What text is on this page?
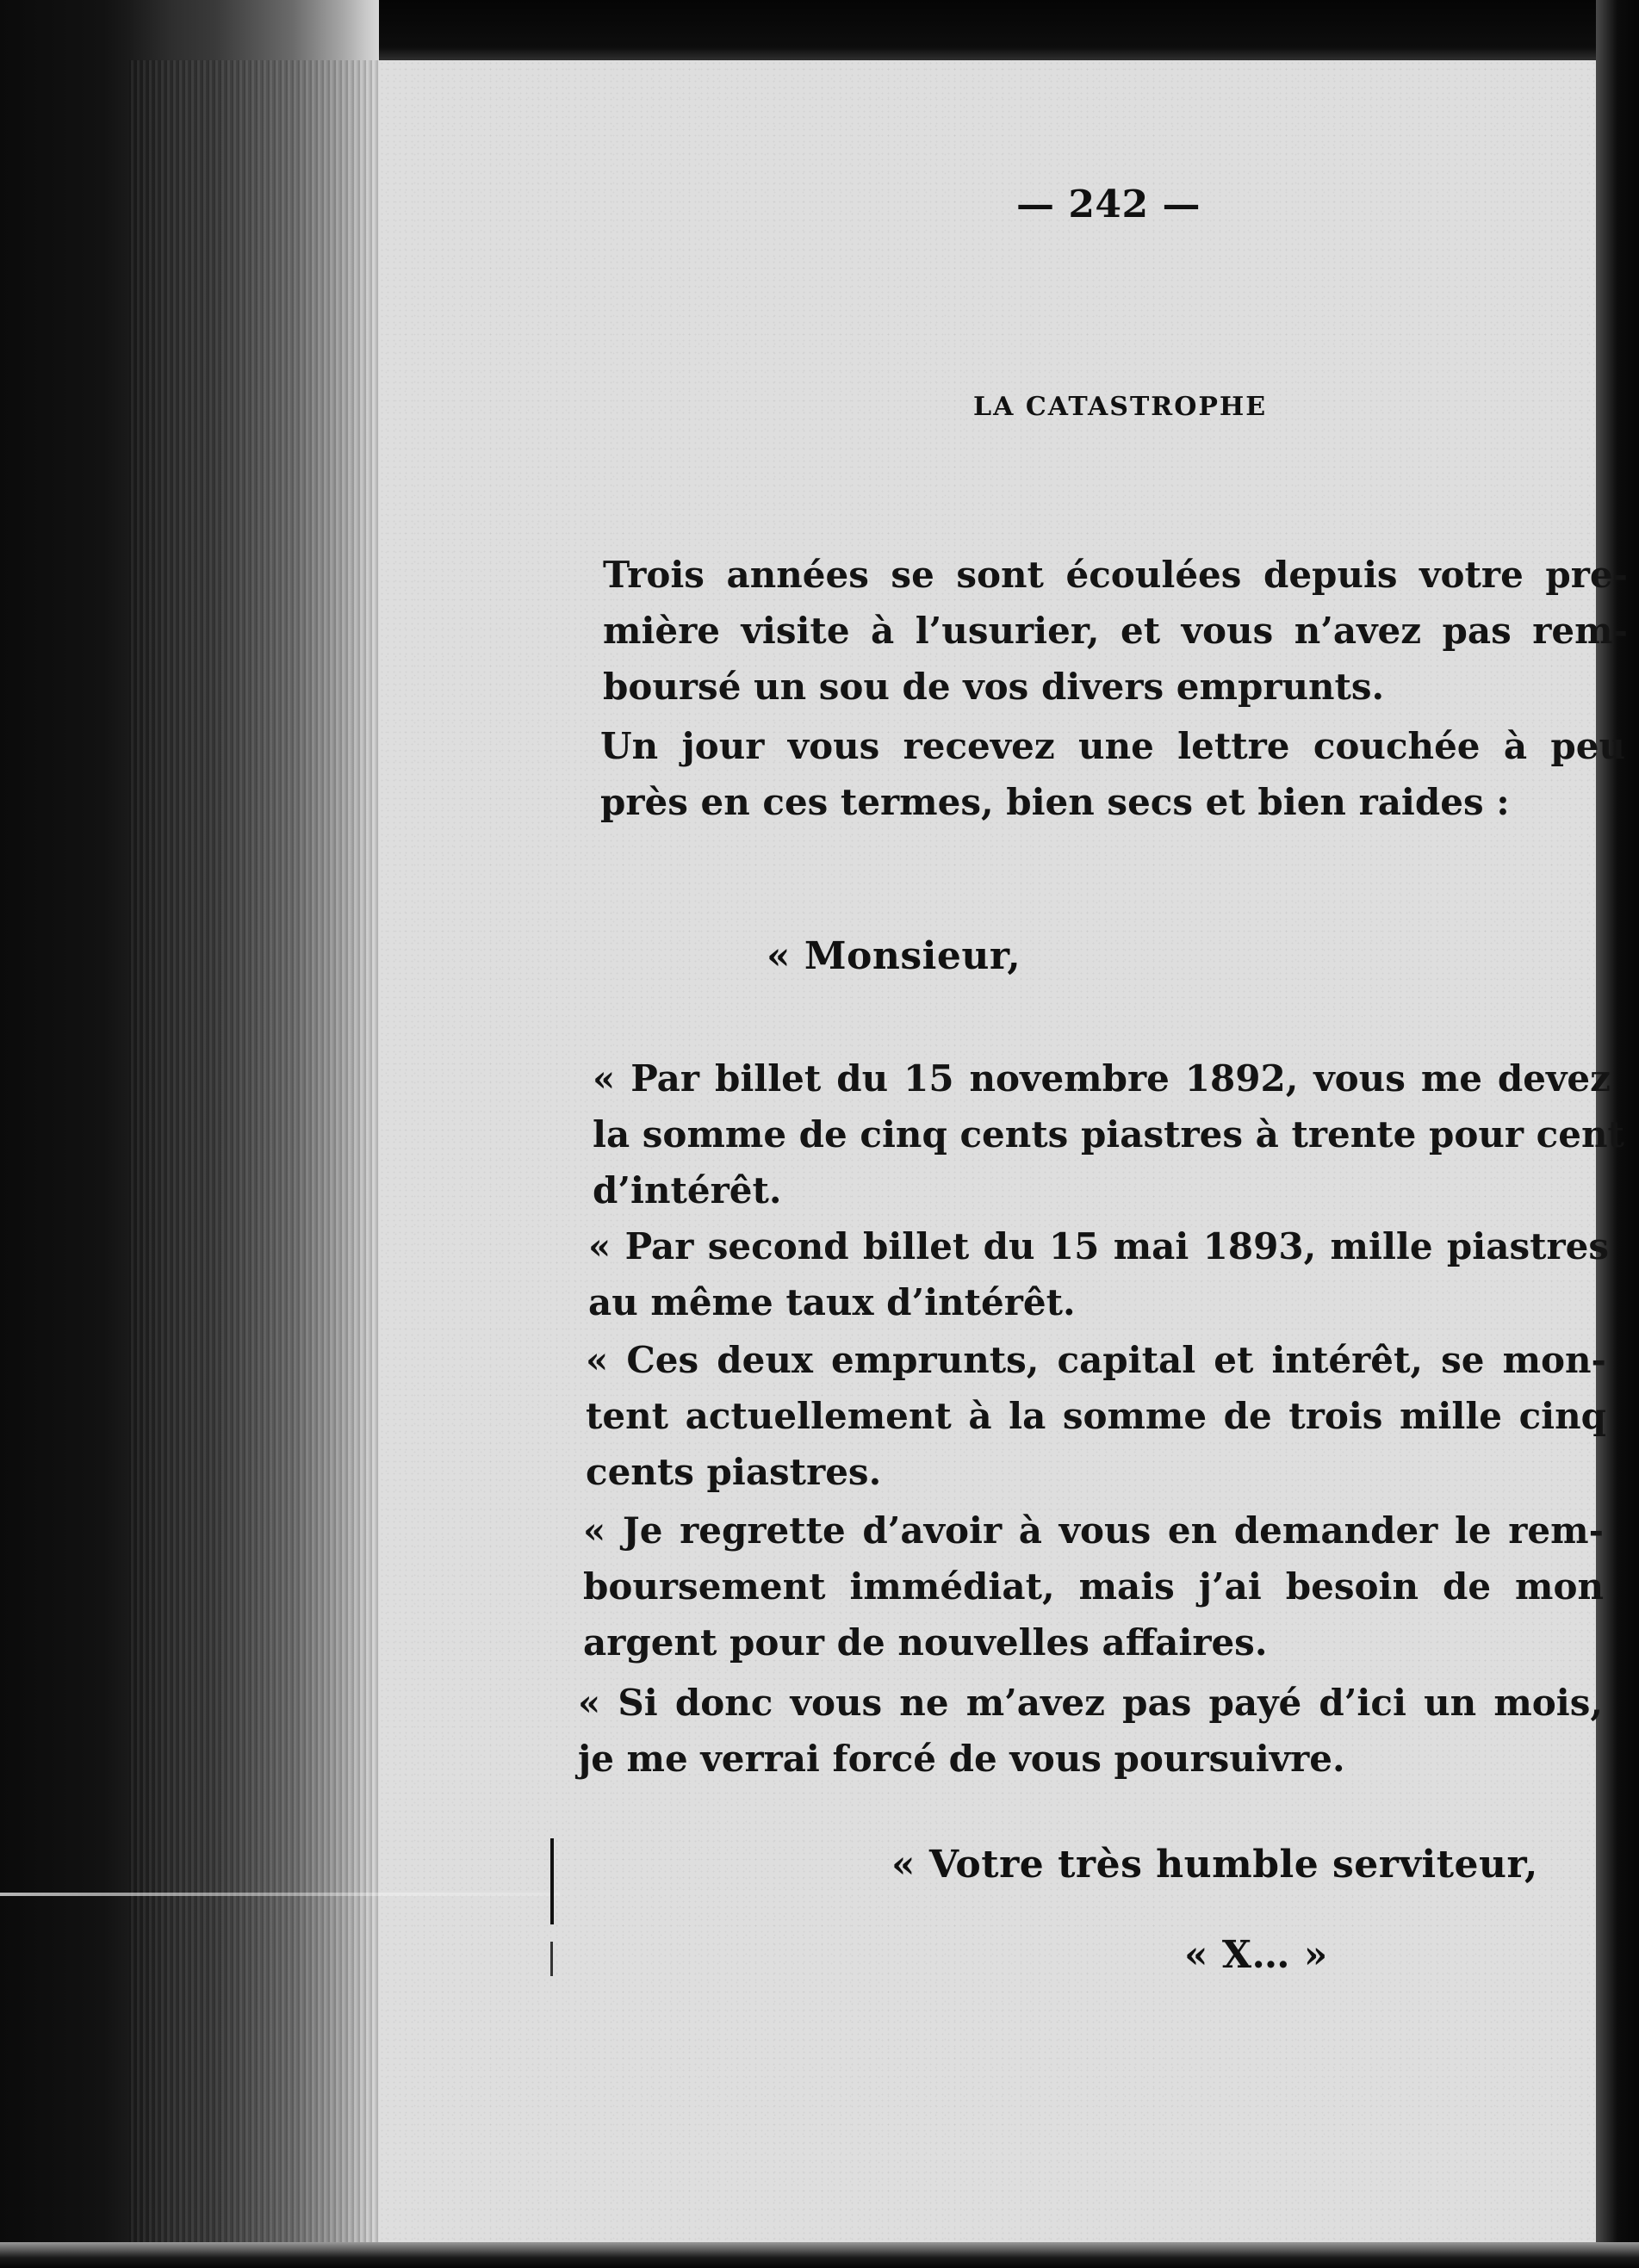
— 242 —
LA CATASTROPHE
Trois années se sont écoulées depuis votre pre-
mière visite à l’usurier, et vous n’avez pas rem-
boursé un sou de vos divers emprunts.
Un jour vous recevez une lettre couchée à peu
près en ces termes, bien secs et bien raides :
« Monsieur,
« Par billet du 15 novembre 1892, vous me devez
la somme de cinq cents piastres à trente pour cent
d’intérêt.
« Par second billet du 15 mai 1893, mille piastres
au même taux d’intérêt.
« Ces deux emprunts, capital et intérêt, se mon-
tent actuellement à la somme de trois mille cinq
cents piastres.
« Je regrette d’avoir à vous en demander le rem-
boursement immédiat, mais j’ai besoin de mon
argent pour de nouvelles affaires.
« Si donc vous ne m’avez pas payé d’ici un mois,
je me verrai forcé de vous poursuivre.
« Votre très humble serviteur,
« X… »
